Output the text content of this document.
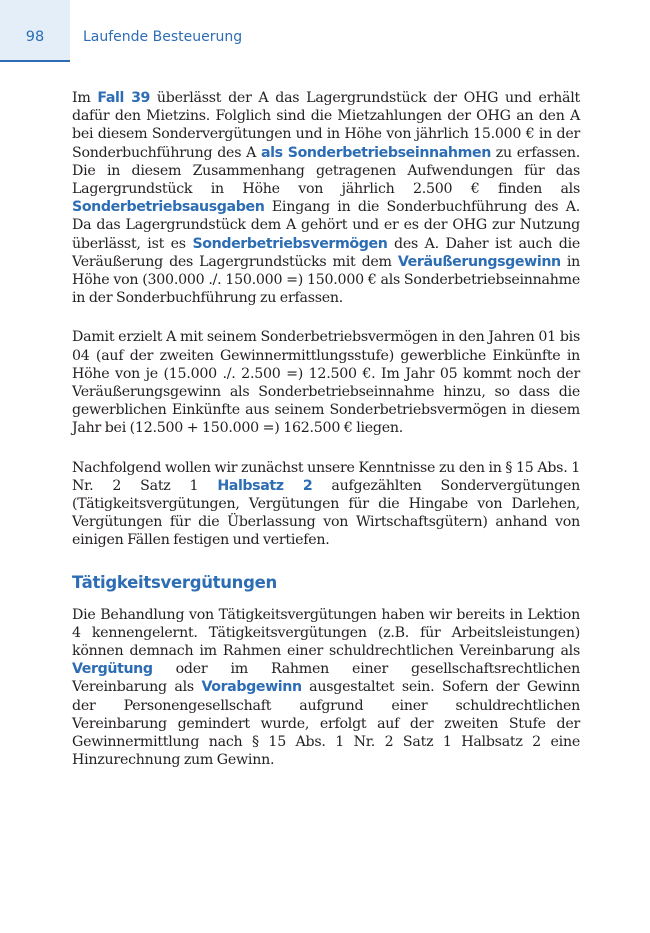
98	Laufende Besteuerung

Im Fall 39 überlässt der A das Lagergrundstück der OHG und erhält dafür den Mietzins. Folglich sind die Mietzahlungen der OHG an den A bei diesem Sondervergütungen und in Höhe von jährlich 15.000 € in der Sonderbuchführung des A als Sonderbetriebseinnahmen zu erfassen. Die in diesem Zusammenhang getragenen Aufwendungen für das Lagergrundstück in Höhe von jährlich 2.500 € finden als Sonderbetriebsausgaben Eingang in die Sonderbuchführung des A. Da das Lagergrundstück dem A gehört und er es der OHG zur Nutzung überlässt, ist es Sonderbetriebsvermögen des A. Daher ist auch die Veräußerung des Lagergrundstücks mit dem Veräußerungsgewinn in Höhe von (300.000 ./. 150.000 =) 150.000 € als Sonderbetriebseinnahme in der Sonderbuchführung zu erfassen.

Damit erzielt A mit seinem Sonderbetriebsvermögen in den Jahren 01 bis 04 (auf der zweiten Gewinnermittlungsstufe) gewerbliche Einkünfte in Höhe von je (15.000 ./. 2.500 =) 12.500 €. Im Jahr 05 kommt noch der Veräußerungsgewinn als Sonderbetriebseinnahme hinzu, so dass die gewerblichen Einkünfte aus seinem Sonderbetriebsvermögen in diesem Jahr bei (12.500 + 150.000 =) 162.500 € liegen.

Nachfolgend wollen wir zunächst unsere Kenntnisse zu den in § 15 Abs. 1 Nr. 2 Satz 1 Halbsatz 2 aufgezählten Sondervergütungen (Tätigkeitsvergütungen, Vergütungen für die Hingabe von Darlehen, Vergütungen für die Überlassung von Wirtschaftsgütern) anhand von einigen Fällen festigen und vertiefen.

Tätigkeitsvergütungen

Die Behandlung von Tätigkeitsvergütungen haben wir bereits in Lektion 4 kennengelernt. Tätigkeitsvergütungen (z.B. für Arbeitsleistungen) können demnach im Rahmen einer schuldrechtlichen Vereinbarung als Vergütung oder im Rahmen einer gesellschaftsrechtlichen Vereinbarung als Vorabgewinn ausgestaltet sein. Sofern der Gewinn der Personengesellschaft aufgrund einer schuldrechtlichen Vereinbarung gemindert wurde, erfolgt auf der zweiten Stufe der Gewinnermittlung nach § 15 Abs. 1 Nr. 2 Satz 1 Halbsatz 2 eine Hinzurechnung zum Gewinn.
